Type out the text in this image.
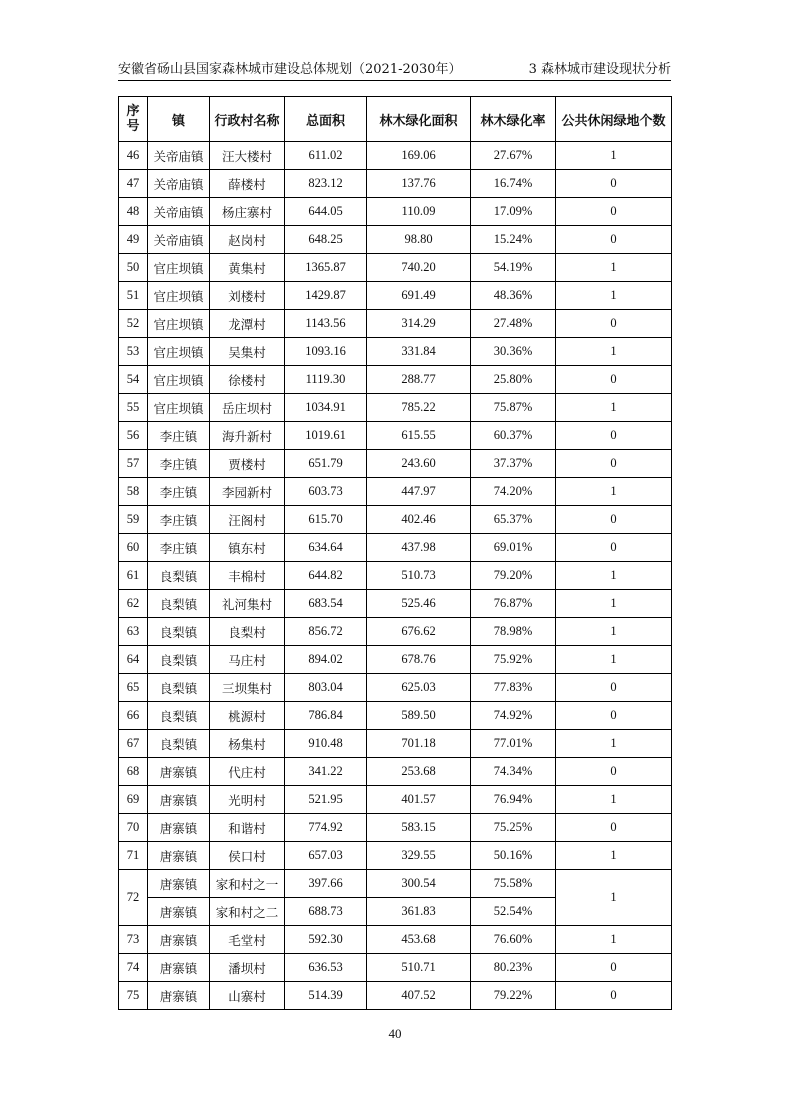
安徽省砀山县国家森林城市建设总体规划（2021-2030年）	3 森林城市建设现状分析
序号	镇	行政村名称	总面积	林木绿化面积	林木绿化率	公共休闲绿地个数
46	关帝庙镇	汪大楼村	611.02	169.06	27.67%	1
47	关帝庙镇	薛楼村	823.12	137.76	16.74%	0
48	关帝庙镇	杨庄寨村	644.05	110.09	17.09%	0
49	关帝庙镇	赵岗村	648.25	98.80	15.24%	0
50	官庄坝镇	黄集村	1365.87	740.20	54.19%	1
51	官庄坝镇	刘楼村	1429.87	691.49	48.36%	1
52	官庄坝镇	龙潭村	1143.56	314.29	27.48%	0
53	官庄坝镇	吴集村	1093.16	331.84	30.36%	1
54	官庄坝镇	徐楼村	1119.30	288.77	25.80%	0
55	官庄坝镇	岳庄坝村	1034.91	785.22	75.87%	1
56	李庄镇	海升新村	1019.61	615.55	60.37%	0
57	李庄镇	贾楼村	651.79	243.60	37.37%	0
58	李庄镇	李园新村	603.73	447.97	74.20%	1
59	李庄镇	汪阁村	615.70	402.46	65.37%	0
60	李庄镇	镇东村	634.64	437.98	69.01%	0
61	良梨镇	丰棉村	644.82	510.73	79.20%	1
62	良梨镇	礼河集村	683.54	525.46	76.87%	1
63	良梨镇	良梨村	856.72	676.62	78.98%	1
64	良梨镇	马庄村	894.02	678.76	75.92%	1
65	良梨镇	三坝集村	803.04	625.03	77.83%	0
66	良梨镇	桃源村	786.84	589.50	74.92%	0
67	良梨镇	杨集村	910.48	701.18	77.01%	1
68	唐寨镇	代庄村	341.22	253.68	74.34%	0
69	唐寨镇	光明村	521.95	401.57	76.94%	1
70	唐寨镇	和谐村	774.92	583.15	75.25%	0
71	唐寨镇	侯口村	657.03	329.55	50.16%	1
72	唐寨镇	家和村之一	397.66	300.54	75.58%	1
	唐寨镇	家和村之二	688.73	361.83	52.54%	
73	唐寨镇	毛堂村	592.30	453.68	76.60%	1
74	唐寨镇	潘坝村	636.53	510.71	80.23%	0
75	唐寨镇	山寨村	514.39	407.52	79.22%	0
40
